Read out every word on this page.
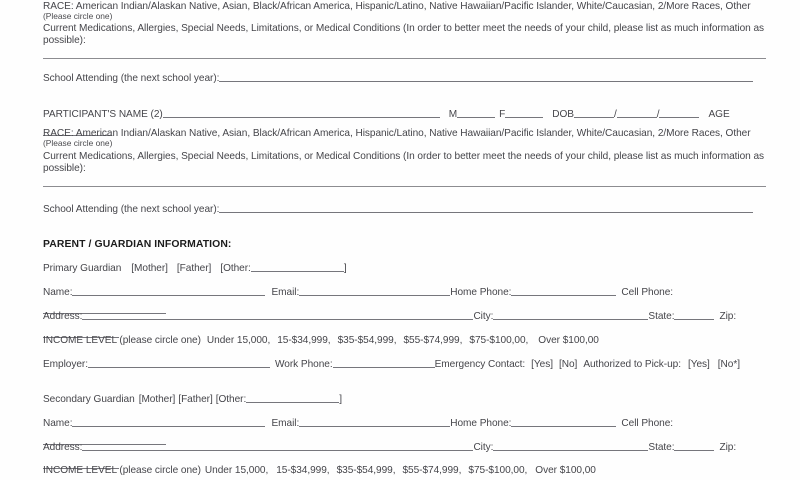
RACE: American Indian/Alaskan Native, Asian, Black/African America, Hispanic/Latino, Native Hawaiian/Pacific Islander, White/Caucasian, 2/More Races, Other
(Please circle one)
Current Medications, Allergies, Special Needs, Limitations, or Medical Conditions (In order to better meet the needs of your child, please list as much information as possible):
School Attending (the next school year):
PARTICIPANT'S NAME (2)	M	F	DOB	/	/	AGE
RACE: American Indian/Alaskan Native, Asian, Black/African America, Hispanic/Latino, Native Hawaiian/Pacific Islander, White/Caucasian, 2/More Races, Other
(Please circle one)
Current Medications, Allergies, Special Needs, Limitations, or Medical Conditions (In order to better meet the needs of your child, please list as much information as possible):
School Attending (the next school year):
PARENT / GUARDIAN INFORMATION:
Primary Guardian [Mother] [Father] [Other:	]
Name:	Email:	Home Phone:	Cell Phone:
Address:	City:	State:	Zip:
INCOME LEVEL (please circle one) Under 15,000, 15-$34,999, $35-$54,999, $55-$74,999, $75-$100,00, Over $100,00
Employer:	Work Phone:	Emergency Contact: [Yes] [No] Authorized to Pick-up: [Yes] [No*]
Secondary Guardian [Mother] [Father] [Other:	]
Name:	Email:	Home Phone:	Cell Phone:
Address:	City:	State:	Zip:
INCOME LEVEL (please circle one) Under 15,000, 15-$34,999, $35-$54,999, $55-$74,999, $75-$100,00, Over $100,00
